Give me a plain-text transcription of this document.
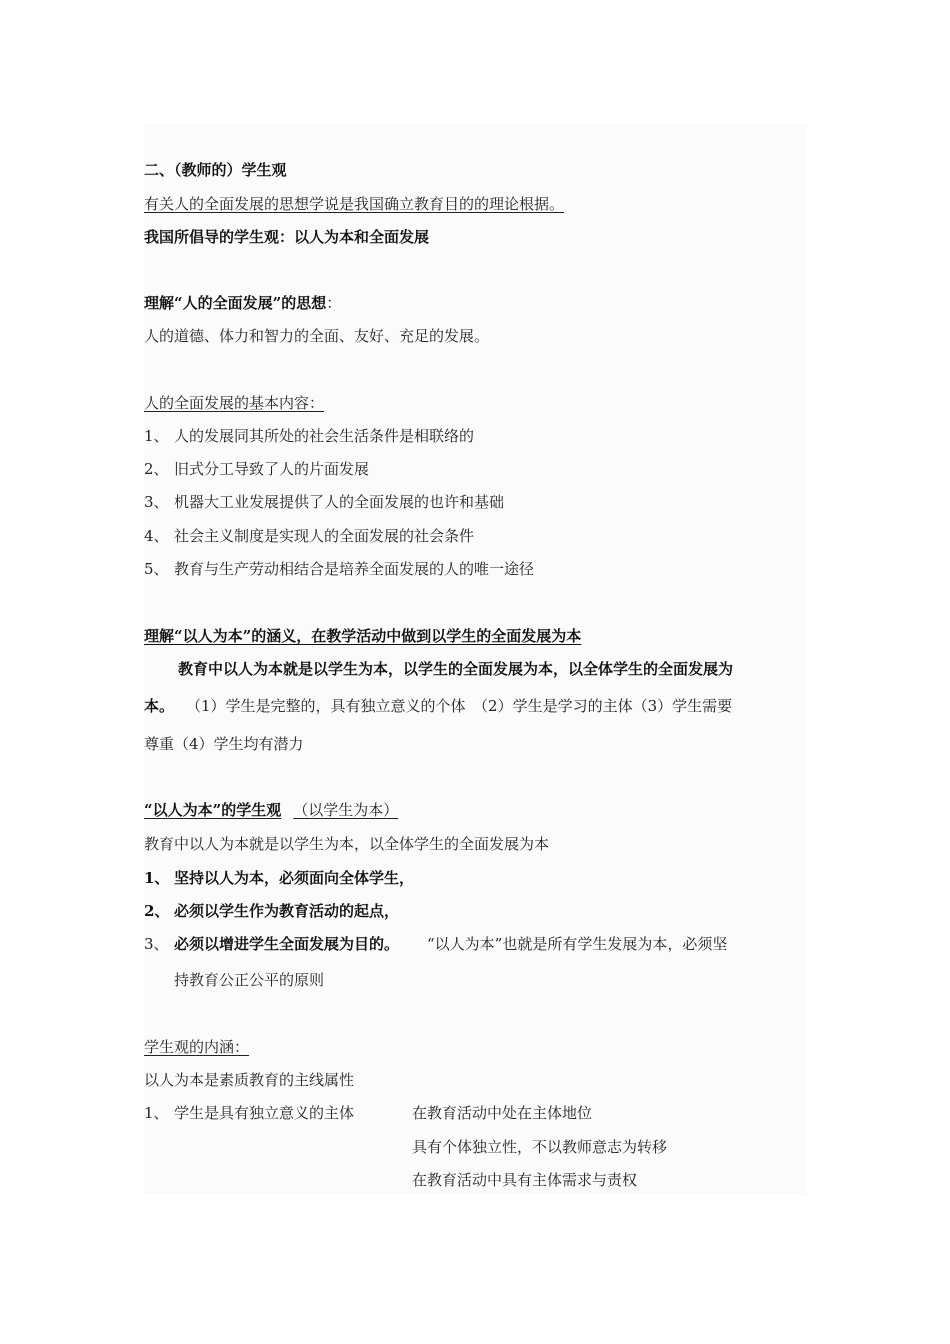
二、（教师的）学生观
有关人的全面发展的思想学说是我国确立教育目的的理论根据。
我国所倡导的学生观：以人为本和全面发展
理解“人的全面发展”的思想：
人的道德、体力和智力的全面、友好、充足的发展。
人的全面发展的基本内容：
1、 人的发展同其所处的社会生活条件是相联络的
2、 旧式分工导致了人的片面发展
3、 机器大工业发展提供了人的全面发展的也许和基础
4、 社会主义制度是实现人的全面发展的社会条件
5、 教育与生产劳动相结合是培养全面发展的人的唯一途径
理解“以人为本”的涵义，在教学活动中做到以学生的全面发展为本
教育中以人为本就是以学生为本，以学生的全面发展为本，以全体学生的全面发展为
本。 （1）学生是完整的，具有独立意义的个体　（2）学生是学习的主体（3）学生需要
尊重（4）学生均有潜力
“以人为本”的学生观 （以学生为本）
教育中以人为本就是以学生为本，以全体学生的全面发展为本
1、 坚持以人为本，必须面向全体学生，
2、 必须以学生作为教育活动的起点，
3、 必须以增进学生全面发展为目的。 “以人为本”也就是所有学生发展为本，必须坚
持教育公正公平的原则
学生观的内涵：
以人为本是素质教育的主线属性
1、 学生是具有独立意义的主体	在教育活动中处在主体地位
具有个体独立性，不以教师意志为转移
在教育活动中具有主体需求与责权
